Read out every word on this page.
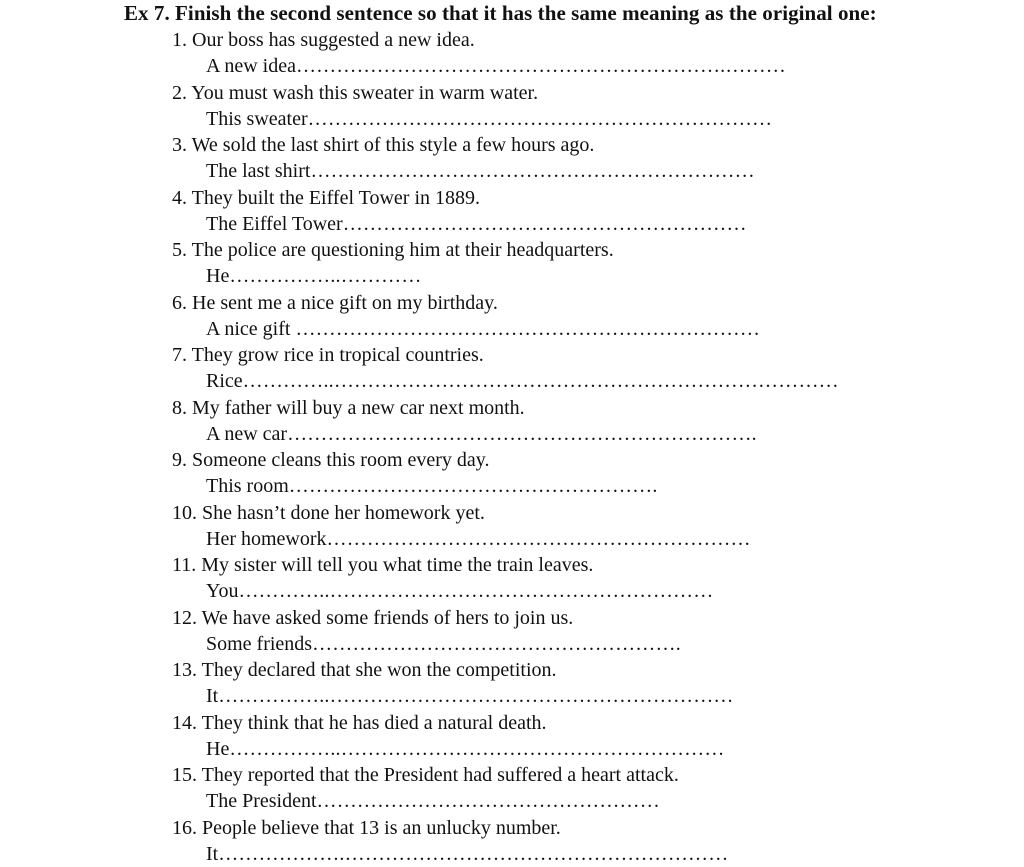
Ex 7. Finish the second sentence so that it has the same meaning as the original one:
1. Our boss has suggested a new idea.
A new idea……………………………………………………….………
2. You must wash this sweater in warm water.
This sweater……………………………………………………………
3. We sold the last shirt of this style a few hours ago.
The last shirt…………………………………………………………
4. They built the Eiffel Tower in 1889.
The Eiffel Tower……………………………………………………
5. The police are questioning him at their headquarters.
He……………..…………
6. He sent me a nice gift on my birthday.
A nice gift ……………………………………………………………
7. They grow rice in tropical countries.
Rice…………..…………………………………………………………………
8. My father will buy a new car next month.
A new car…………………………………………………………….
9. Someone cleans this room every day.
This room……………………………………………….
10. She hasn’t done her homework yet.
Her homework………………………………………………………
11. My sister will tell you what time the train leaves.
You…………..…………………………………………………
12. We have asked some friends of hers to join us.
Some friends……………………………………………….
13. They declared that she won the competition.
It……………..……………………………………………………
14. They think that he has died a natural death.
He……………..…………………………………………………
15. They reported that the President had suffered a heart attack.
The President……………………………………………
16. People believe that 13 is an unlucky number.
It……………….…………………………………………………
